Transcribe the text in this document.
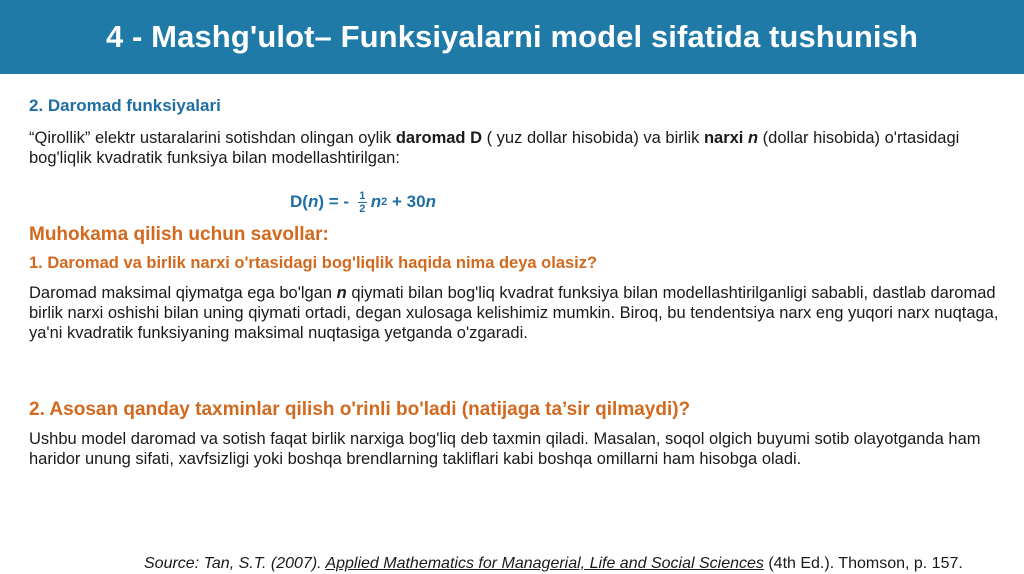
4 - Mashg'ulot– Funksiyalarni model sifatida tushunish
2. Daromad funksiyalari

“Qirollik” elektr ustaralarini sotishdan olingan oylik daromad D ( yuz dollar hisobida) va birlik narxi n (dollar hisobida) o'rtasidagi bog'liqlik kvadratik funksiya bilan modellashtirilgan:

D( n ) = - $\frac{1}{2}$ n 2 + 30 n
Muhokama qilish uchun savollar:
1. Daromad va birlik narxi o'rtasidagi bog'liqlik haqida nima deya olasiz?

Daromad maksimal qiymatga ega bo'lgan n qiymati bilan bog'liq kvadrat funksiya bilan modellashtirilganligi sababli, dastlab daromad birlik narxi oshishi bilan uning qiymati ortadi, degan xulosaga kelishimiz mumkin. Biroq, bu tendentsiya narx eng yuqori narx nuqtaga, ya'ni kvadratik funksiyaning maksimal nuqtasiga yetganda o'zgaradi.

2. Asosan qanday taxminlar qilish o'rinli bo'ladi (natijaga ta’sir qilmaydi)?

Ushbu model daromad va sotish faqat birlik narxiga bog'liq deb taxmin qiladi. Masalan, soqol olgich buyumi sotib olayotganda ham haridor unung sifati, xavfsizligi yoki boshqa brendlarning takliflari kabi boshqa omillarni ham hisobga oladi.

Source: Tan, S.T. (2007). Applied Mathematics for Managerial, Life and Social Sciences (4th Ed.). Thomson, p. 157.
